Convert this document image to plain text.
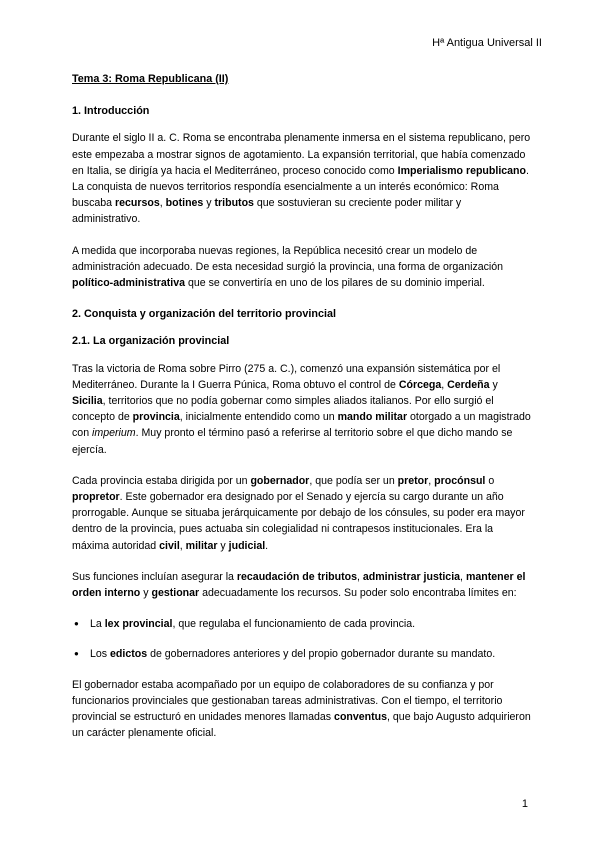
Hª Antigua Universal II
Tema 3: Roma Republicana (II)
1. Introducción

Durante el siglo II a. C. Roma se encontraba plenamente inmersa en el sistema republicano, pero este empezaba a mostrar signos de agotamiento. La expansión territorial, que había comenzado en Italia, se dirigía ya hacia el Mediterráneo, proceso conocido como Imperialismo republicano. La conquista de nuevos territorios respondía esencialmente a un interés económico: Roma buscaba recursos, botines y tributos que sostuvieran su creciente poder militar y administrativo.

A medida que incorporaba nuevas regiones, la República necesitó crear un modelo de administración adecuado. De esta necesidad surgió la provincia, una forma de organización político-administrativa que se convertiría en uno de los pilares de su dominio imperial.

2. Conquista y organización del territorio provincial
2.1. La organización provincial

Tras la victoria de Roma sobre Pirro (275 a. C.), comenzó una expansión sistemática por el Mediterráneo. Durante la I Guerra Púnica, Roma obtuvo el control de Córcega, Cerdeña y Sicilia, territorios que no podía gobernar como simples aliados italianos. Por ello surgió el concepto de provincia, inicialmente entendido como un mando militar otorgado a un magistrado con imperium. Muy pronto el término pasó a referirse al territorio sobre el que dicho mando se ejercía.

Cada provincia estaba dirigida por un gobernador, que podía ser un pretor, procónsul o propretor. Este gobernador era designado por el Senado y ejercía su cargo durante un año prorrogable. Aunque se situaba jerárquicamente por debajo de los cónsules, su poder era mayor dentro de la provincia, pues actuaba sin colegialidad ni contrapesos institucionales. Era la máxima autoridad civil, militar y judicial.

Sus funciones incluían asegurar la recaudación de tributos, administrar justicia, mantener el orden interno y gestionar adecuadamente los recursos. Su poder solo encontraba límites en:

● La lex provincial, que regulaba el funcionamiento de cada provincia.
● Los edictos de gobernadores anteriores y del propio gobernador durante su mandato.

El gobernador estaba acompañado por un equipo de colaboradores de su confianza y por funcionarios provinciales que gestionaban tareas administrativas. Con el tiempo, el territorio provincial se estructuró en unidades menores llamadas conventus, que bajo Augusto adquirieron un carácter plenamente oficial.

1
